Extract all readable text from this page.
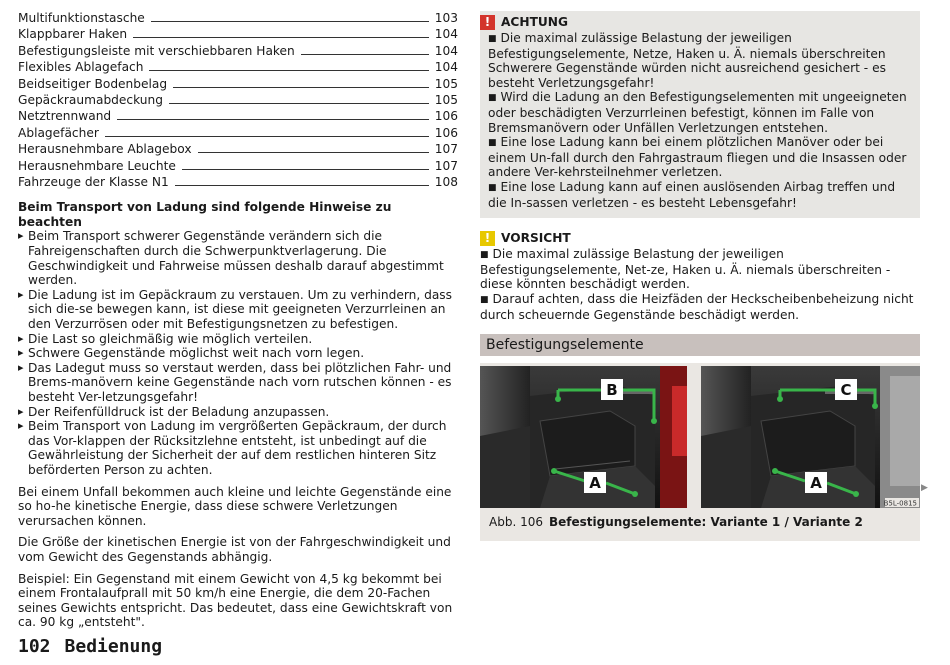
Multifunktionstasche	103
Klappbarer Haken	104
Befestigungsleiste mit verschiebbaren Haken	104
Flexibles Ablagefach	104
Beidseitiger Bodenbelag	105
Gepäckraumabdeckung	105
Netztrennwand	106
Ablagefächer	106
Herausnehmbare Ablagebox	107
Herausnehmbare Leuchte	107
Fahrzeuge der Klasse N1	108
Beim Transport von Ladung sind folgende Hinweise zu beachten
▸ Beim Transport schwerer Gegenstände verändern sich die Fahreigenschaften durch die Schwerpunktverlagerung. Die Geschwindigkeit und Fahrweise müssen deshalb darauf abgestimmt werden.
▸ Die Ladung ist im Gepäckraum zu verstauen. Um zu verhindern, dass sich die-se bewegen kann, ist diese mit geeigneten Verzurrleinen an den Verzurrösen oder mit Befestigungsnetzen zu befestigen.
▸ Die Last so gleichmäßig wie möglich verteilen.
▸ Schwere Gegenstände möglichst weit nach vorn legen.
▸ Das Ladegut muss so verstaut werden, dass bei plötzlichen Fahr- und Brems-manövern keine Gegenstände nach vorn rutschen können - es besteht Ver-letzungsgefahr!
▸ Der Reifenfülldruck ist der Beladung anzupassen.
▸ Beim Transport von Ladung im vergrößerten Gepäckraum, der durch das Vor-klappen der Rücksitzlehne entsteht, ist unbedingt auf die Gewährleistung der Sicherheit der auf dem restlichen hinteren Sitz beförderten Person zu achten.
Bei einem Unfall bekommen auch kleine und leichte Gegenstände eine so ho-he kinetische Energie, dass diese schwere Verletzungen verursachen können.
Die Größe der kinetischen Energie ist von der Fahrgeschwindigkeit und vom Gewicht des Gegenstands abhängig.
Beispiel: Ein Gegenstand mit einem Gewicht von 4,5 kg bekommt bei einem Frontalaufprall mit 50 km/h eine Energie, die dem 20-Fachen seines Gewichts entspricht. Das bedeutet, dass eine Gewichtskraft von ca. 90 kg „entsteht".
102 Bedienung
! ACHTUNG
■ Die maximal zulässige Belastung der jeweiligen Befestigungselemente, Netze, Haken u. Ä. niemals überschreiten Schwerere Gegenstände würden nicht ausreichend gesichert - es besteht Verletzungsgefahr!
■ Wird die Ladung an den Befestigungselementen mit ungeeigneten oder beschädigten Verzurrleinen befestigt, können im Falle von Bremsmanövern oder Unfällen Verletzungen entstehen.
■ Eine lose Ladung kann bei einem plötzlichen Manöver oder bei einem Un-fall durch den Fahrgastraum fliegen und die Insassen oder andere Ver-kehrsteilnehmer verletzen.
■ Eine lose Ladung kann auf einen auslösenden Airbag treffen und die In-sassen verletzen - es besteht Lebensgefahr!
! VORSICHT
■ Die maximal zulässige Belastung der jeweiligen Befestigungselemente, Net-ze, Haken u. Ä. niemals überschreiten - diese könnten beschädigt werden.
■ Darauf achten, dass die Heizfäden der Heckscheibenbeheizung nicht durch scheuernde Gegenstände beschädigt werden.
Befestigungselemente
B
A
C
A
B5L-0815
Abb. 106 Befestigungselemente: Variante 1 / Variante 2
▶
